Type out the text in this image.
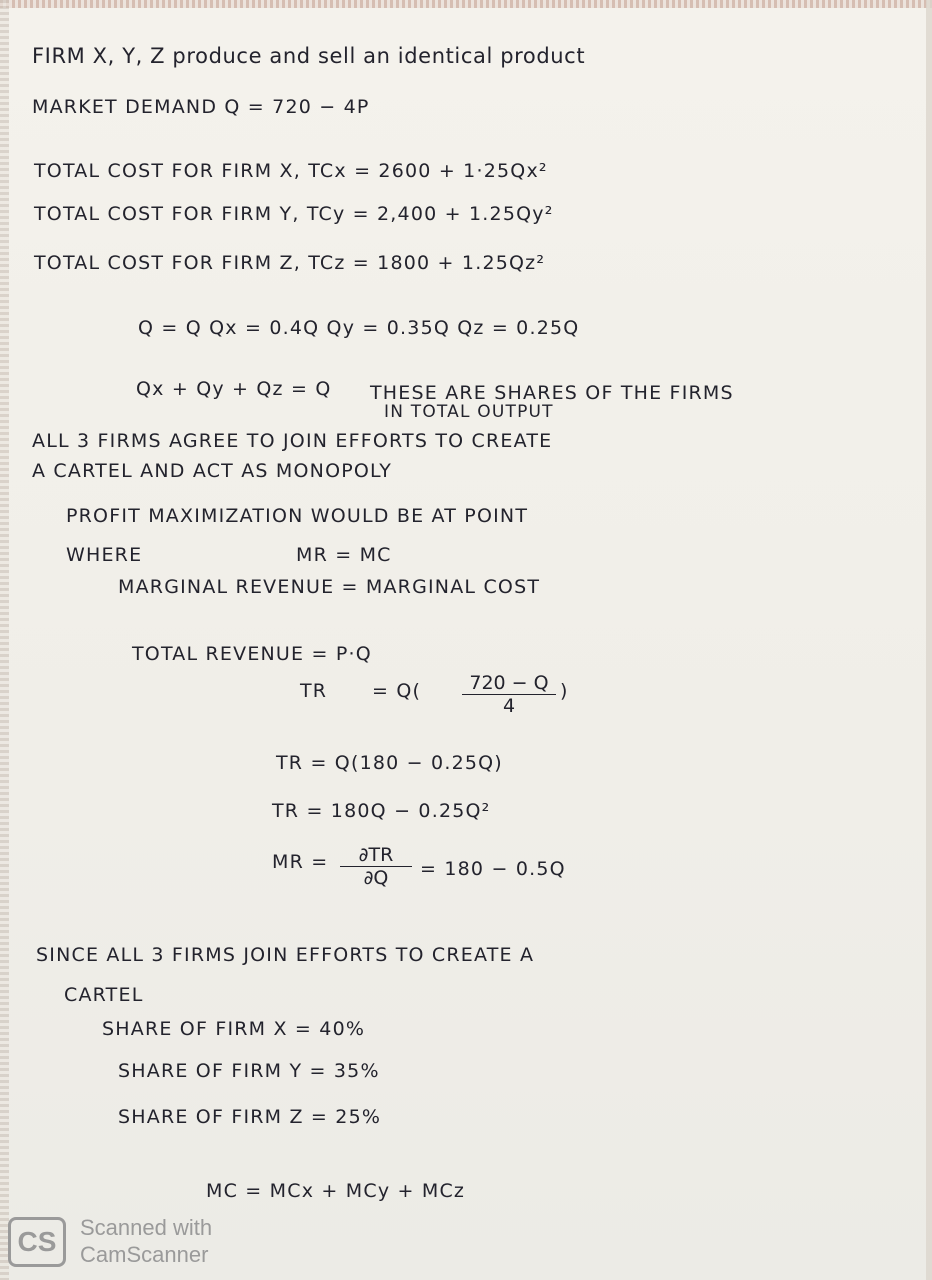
FIRM X, Y, Z produce and sell an identical product
MARKET DEMAND Q = 720 − 4P
TOTAL COST FOR FIRM X, TCx = 2600 + 1·25Qx²
TOTAL COST FOR FIRM Y, TCy = 2,400 + 1.25Qy²
TOTAL COST FOR FIRM Z, TCz = 1800 + 1.25Qz²
Q = Q Qx = 0.4Q Qy = 0.35Q Qz = 0.25Q
Qx + Qy + Qz = Q THESE ARE SHARES OF THE FIRMS
IN TOTAL OUTPUT
ALL 3 FIRMS AGREE TO JOIN EFFORTS TO CREATE
A CARTEL AND ACT AS MONOPOLY
PROFIT MAXIMIZATION WOULD BE AT POINT
WHERE	MR = MC
MARGINAL REVENUE = MARGINAL COST
TOTAL REVENUE = P·Q
TR = $Q( \frac{720 - Q}{4}$ )
TR = Q(180 − 0.25Q)
TR = 180Q − 0.25Q²
MR = $\frac{\partial TR}{\partial Q} = 180 - 0.5Q$
SINCE ALL 3 FIRMS JOIN EFFORTS TO CREATE A
CARTEL
SHARE OF FIRM X = 40%
SHARE OF FIRM Y = 35%
SHARE OF FIRM Z = 25%
MC = MCx + MCy + MCz
CS	Scanned with
CamScanner
